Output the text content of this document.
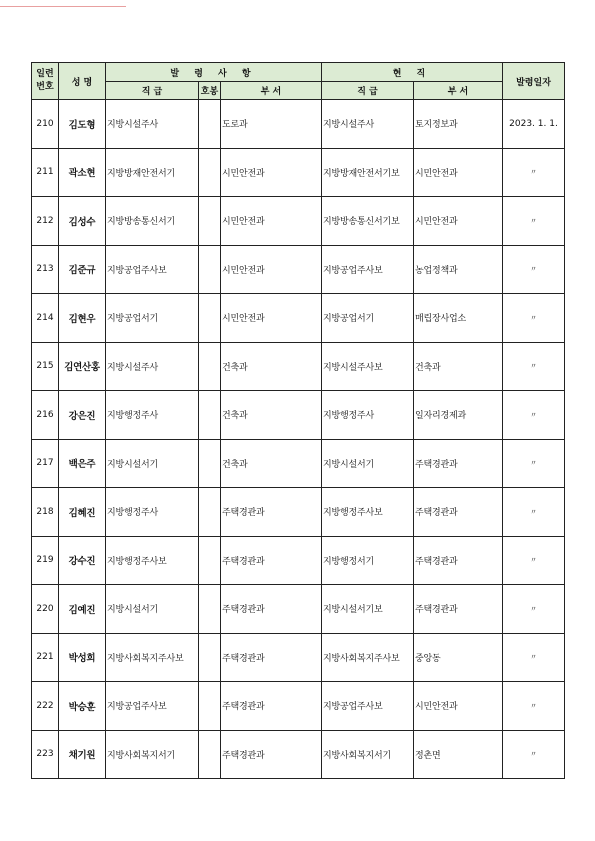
일련
번호	성 명	발 령 사 항			현 직		발령일자
		직 급	호봉	부 서	직 급	부 서	
210	김도형	지방시설주사		도로과	지방시설주사	토지정보과	2023. 1. 1.
211	곽소현	지방방재안전서기		시민안전과	지방방재안전서기보	시민안전과	〃
212	김성수	지방방송통신서기		시민안전과	지방방송통신서기보	시민안전과	〃
213	김준규	지방공업주사보		시민안전과	지방공업주사보	농업정책과	〃
214	김현우	지방공업서기		시민안전과	지방공업서기	매립장사업소	〃
215	김연산홍	지방시설주사		건축과	지방시설주사보	건축과	〃
216	강은진	지방행정주사		건축과	지방행정주사	일자리경제과	〃
217	백은주	지방시설서기		건축과	지방시설서기	주택경관과	〃
218	김혜진	지방행정주사		주택경관과	지방행정주사보	주택경관과	〃
219	강수진	지방행정주사보		주택경관과	지방행정서기	주택경관과	〃
220	김예진	지방시설서기		주택경관과	지방시설서기보	주택경관과	〃
221	박성희	지방사회복지주사보		주택경관과	지방사회복지주사보	중앙동	〃
222	박승훈	지방공업주사보		주택경관과	지방공업주사보	시민안전과	〃
223	채기원	지방사회복지서기		주택경관과	지방사회복지서기	정촌면	〃
